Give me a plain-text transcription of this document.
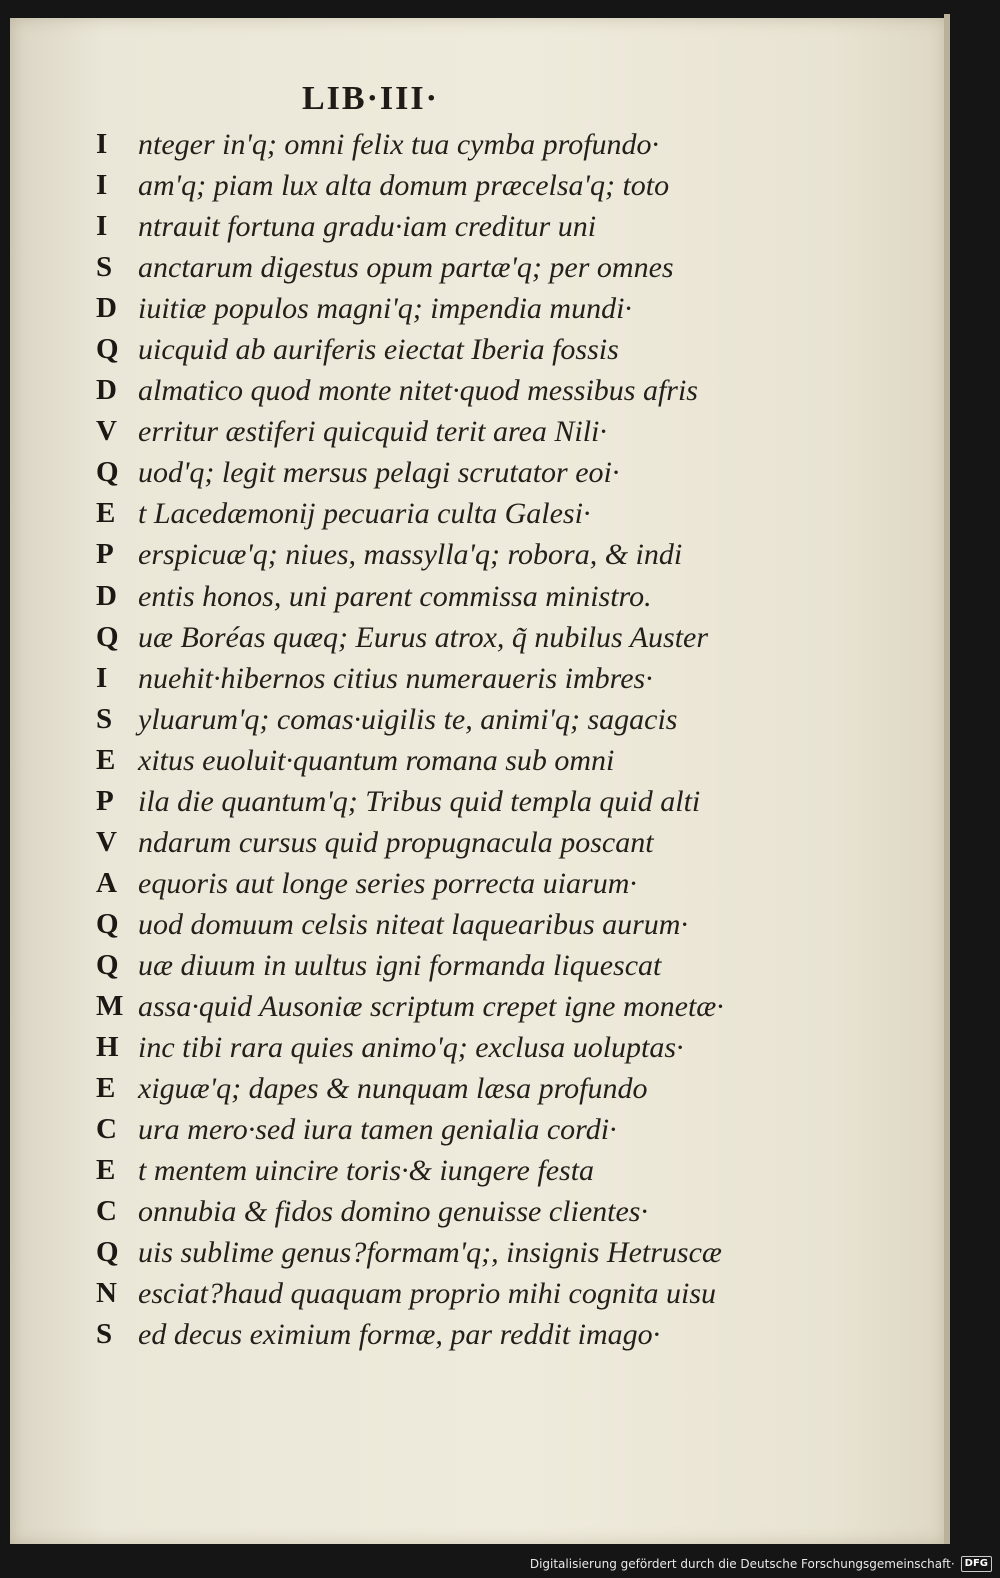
LIB·III·
I	nteger in'q; omni felix tua cymba profundo·
I	am'q; piam lux alta domum præcelsa'q; toto
I	ntrauit fortuna gradu·iam creditur uni
S anctarum digestus opum partæ'q; per omnes
D iuitiæ populos magni'q; impendia mundi·
Q uicquid ab auriferis eiectat Iberia fossis
D almatico quod monte nitet·quod messibus afris
V erritur æstiferi quicquid terit area Nili·
Q uod'q; legit mersus pelagi scrutator eoi·
E t Lacedæmonij pecuaria culta Galesi·
P erspicuæ'q; niues, massylla'q; robora, & indi
D entis honos, uni parent commissa ministro.
Q uæ Boréas quæq; Eurus atrox, q̃ nubilus Auster
I	nuehit·hibernos citius numeraueris imbres·
S yluarum'q; comas·uigilis te, animi'q; sagacis
E xitus euoluit·quantum romana sub omni
P ila die quantum'q; Tribus quid templa quid alti
V ndarum cursus quid propugnacula poscant
A equoris aut longe series porrecta uiarum·
Q uod domuum celsis niteat laquearibus aurum·
Q uæ diuum in uultus igni formanda liquescat
M assa·quid Ausoniæ scriptum crepet igne monetæ·
H inc tibi rara quies animo'q; exclusa uoluptas·
E xiguæ'q; dapes & nunquam læsa profundo
C ura mero·sed iura tamen genialia cordi·
E t mentem uincire toris·& iungere festa
C onnubia & fidos domino genuisse clientes·
Q uis sublime genus?formam'q;, insignis Hetruscæ
N esciat?haud quaquam proprio mihi cognita uisu
S ed decus eximium formæ, par reddit imago·
Digitalisierung gefördert durch die Deutsche Forschungsgemeinschaft·	DFG
